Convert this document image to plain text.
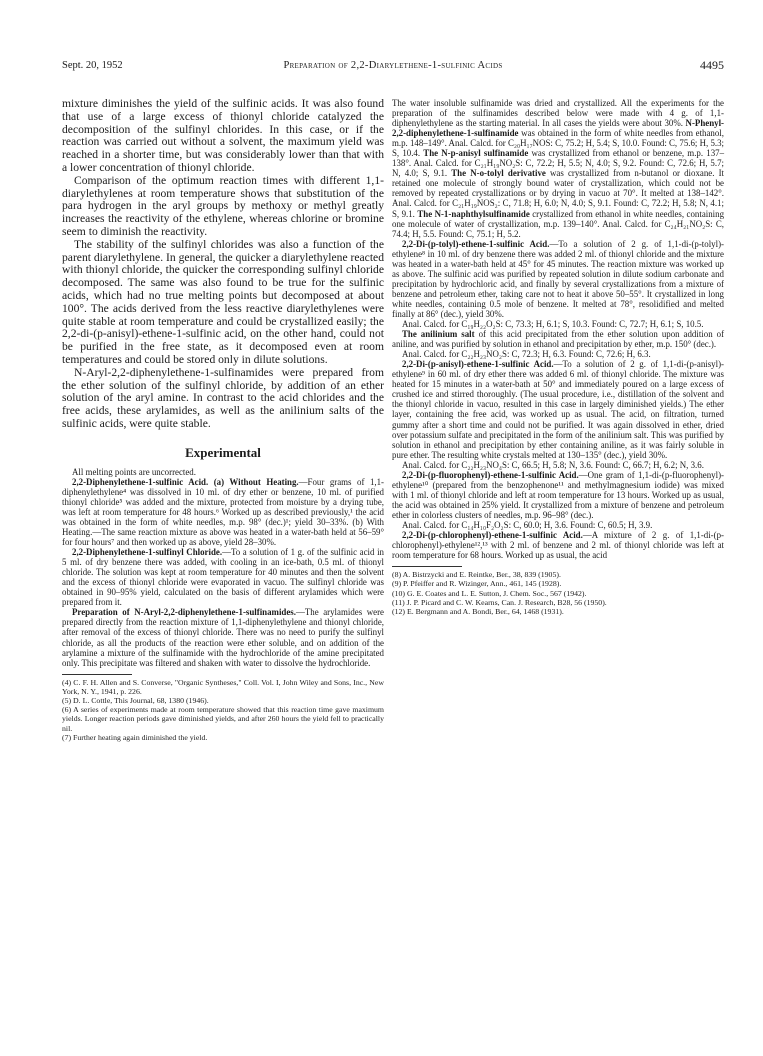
Sept. 20, 1952	Preparation of 2,2-Diarylethene-1-sulfinic Acids	4495

mixture diminishes the yield of the sulfinic acids. It was also found that use of a large excess of thionyl chloride catalyzed the decomposition of the sulfinyl chlorides. In this case, or if the reaction was carried out without a solvent, the maximum yield was reached in a shorter time, but was considerably lower than that with a lower concentration of thionyl chloride.

Comparison of the optimum reaction times with different 1,1-diarylethylenes at room temperature shows that substitution of the para hydrogen in the aryl groups by methoxy or methyl greatly increases the reactivity of the ethylene, whereas chlorine or bromine seem to diminish the reactivity.

The stability of the sulfinyl chlorides was also a function of the parent diarylethylene. In general, the quicker a diarylethylene reacted with thionyl chloride, the quicker the corresponding sulfinyl chloride decomposed. The same was also found to be true for the sulfinic acids, which had no true melting points but decomposed at about 100°. The acids derived from the less reactive diarylethylenes were quite stable at room temperature and could be crystallized easily; the 2,2-di-(p-anisyl)-ethene-1-sulfinic acid, on the other hand, could not be purified in the free state, as it decomposed even at room temperatures and could be stored only in dilute solutions.

N-Aryl-2,2-diphenylethene-1-sulfinamides were prepared from the ether solution of the sulfinyl chloride, by addition of an ether solution of the aryl amine. In contrast to the acid chlorides and the free acids, these arylamides, as well as the anilinium salts of the sulfinic acids, were quite stable.

Experimental

All melting points are uncorrected.

2,2-Diphenylethene-1-sulfinic Acid. (a) Without Heating.—Four grams of 1,1-diphenylethylene⁴ was dissolved in 10 ml. of dry ether or benzene, 10 ml. of purified thionyl chloride⁵ was added and the mixture, protected from moisture by a drying tube, was left at room temperature for 48 hours.⁶ Worked up as described previously,¹ the acid was obtained in the form of white needles, m.p. 98° (dec.)¹; yield 30–33%. (b) With Heating.—The same reaction mixture as above was heated in a water-bath held at 56–59° for four hours⁷ and then worked up as above, yield 28–30%.

2,2-Diphenylethene-1-sulfinyl Chloride.—To a solution of 1 g. of the sulfinic acid in 5 ml. of dry benzene there was added, with cooling in an ice-bath, 0.5 ml. of thionyl chloride. The solution was kept at room temperature for 40 minutes and then the solvent and the excess of thionyl chloride were evaporated in vacuo. The sulfinyl chloride was obtained in 90–95% yield, calculated on the basis of different arylamides which were prepared from it.

Preparation of N-Aryl-2,2-diphenylethene-1-sulfinamides.—The arylamides were prepared directly from the reaction mixture of 1,1-diphenylethylene and thionyl chloride, after removal of the excess of thionyl chloride. There was no need to purify the sulfinyl chloride, as all the products of the reaction were ether soluble, and on addition of the arylamine a mixture of the sulfinamide with the hydrochloride of the amine precipitated only. This precipitate was filtered and shaken with water to dissolve the hydrochloride.

(4) C. F. H. Allen and S. Converse, "Organic Syntheses," Coll. Vol. I, John Wiley and Sons, Inc., New York, N. Y., 1941, p. 226.

(5) D. L. Cottle, This Journal, 68, 1380 (1946).

(6) A series of experiments made at room temperature showed that this reaction time gave maximum yields. Longer reaction periods gave diminished yields, and after 260 hours the yield fell to practically nil.

(7) Further heating again diminished the yield.

The water insoluble sulfinamide was dried and crystallized. All the experiments for the preparation of the sulfinamides described below were made with 4 g. of 1,1-diphenylethylene as the starting material. In all cases the yields were about 30%. N-Phenyl-2,2-diphenylethene-1-sulfinamide was obtained in the form of white needles from ethanol, m.p. 148–149°. Anal. Calcd. for C₂₀H₁₇NOS: C, 75.2; H, 5.4; S, 10.0. Found: C, 75.6; H, 5.3; S, 10.4. The N-p-anisyl sulfinamide was crystallized from ethanol or benzene, m.p. 137–138°. Anal. Calcd. for C₂₁H₁₉NO₂S: C, 72.2; H, 5.5; N, 4.0; S, 9.2. Found: C, 72.6; H, 5.7; N, 4.0; S, 9.1. The N-o-tolyl derivative was crystallized from n-butanol or dioxane. It retained one molecule of strongly bound water of crystallization, which could not be removed by repeated crystallizations or by drying in vacuo at 70°. It melted at 138–142°. Anal. Calcd. for C₂₁H₁₉NOS₂: C, 71.8; H, 6.0; N, 4.0; S, 9.1. Found: C, 72.2; H, 5.8; N, 4.1; S, 9.1. The N-1-naphthylsulfinamide crystallized from ethanol in white needles, containing one molecule of water of crystallization, m.p. 139–140°. Anal. Calcd. for C₂₄H₂₁NO₂S: C, 74.4; H, 5.5. Found: C, 75.1; H, 5.2.

2,2-Di-(p-tolyl)-ethene-1-sulfinic Acid.—To a solution of 2 g. of 1,1-di-(p-tolyl)-ethylene⁸ in 10 ml. of dry benzene there was added 2 ml. of thionyl chloride and the mixture was heated in a water-bath held at 45° for 45 minutes. The reaction mixture was worked up as above. The sulfinic acid was purified by repeated solution in dilute sodium carbonate and precipitation by hydrochloric acid, and finally by several crystallizations from a mixture of benzene and petroleum ether, taking care not to heat it above 50–55°. It crystallized in long white needles, containing 0.5 mole of benzene. It melted at 78°, resolidified and melted finally at 86° (dec.), yield 30%.

Anal. Calcd. for C₁₉H₂₂O₂S: C, 73.3; H, 6.1; S, 10.3. Found: C, 72.7; H, 6.1; S, 10.5.

The anilinium salt of this acid precipitated from the ether solution upon addition of aniline, and was purified by solution in ethanol and precipitation by ether, m.p. 150° (dec.).

Anal. Calcd. for C₂₂H₂₃NO₂S: C, 72.3; H, 6.3. Found: C, 72.6; H, 6.3.

2,2-Di-(p-anisyl)-ethene-1-sulfinic Acid.—To a solution of 2 g. of 1,1-di-(p-anisyl)-ethylene⁹ in 60 ml. of dry ether there was added 6 ml. of thionyl chloride. The mixture was heated for 15 minutes in a water-bath at 50° and immediately poured on a large excess of crushed ice and stirred thoroughly. (The usual procedure, i.e., distillation of the solvent and the thionyl chloride in vacuo, resulted in this case in largely diminished yields.) The ether layer, containing the free acid, was worked up as usual. The acid, on filtration, turned gummy after a short time and could not be purified. It was again dissolved in ether, dried over potassium sulfate and precipitated in the form of the anilinium salt. This was purified by solution in ethanol and precipitation by ether containing aniline, as it was fairly soluble in pure ether. The resulting white crystals melted at 130–135° (dec.), yield 30%.

Anal. Calcd. for C₂₂H₂₃NO₄S: C, 66.5; H, 5.8; N, 3.6. Found: C, 66.7; H, 6.2; N, 3.6.

2,2-Di-(p-fluorophenyl)-ethene-1-sulfinic Acid.—One gram of 1,1-di-(p-fluorophenyl)-ethylene¹⁰ (prepared from the benzophenone¹¹ and methylmagnesium iodide) was mixed with 1 ml. of thionyl chloride and left at room temperature for 13 hours. Worked up as usual, the acid was obtained in 25% yield. It crystallized from a mixture of benzene and petroleum ether in colorless clusters of needles, m.p. 96–98° (dec.).

Anal. Calcd. for C₁₄H₁₀F₂O₂S: C, 60.0; H, 3.6. Found: C, 60.5; H, 3.9.

2,2-Di-(p-chlorophenyl)-ethene-1-sulfinic Acid.—A mixture of 2 g. of 1,1-di-(p-chlorophenyl)-ethylene¹²,¹³ with 2 ml. of benzene and 2 ml. of thionyl chloride was left at room temperature for 68 hours. Worked up as usual, the acid

(8) A. Bistrzycki and E. Reintke, Ber., 38, 839 (1905).

(9) P. Pfeiffer and R. Wizinger, Ann., 461, 145 (1928).

(10) G. E. Coates and L. E. Sutton, J. Chem. Soc., 567 (1942).

(11) J. P. Picard and C. W. Kearns, Can. J. Research, B28, 56 (1950).

(12) E. Bergmann and A. Bondi, Ber., 64, 1468 (1931).
